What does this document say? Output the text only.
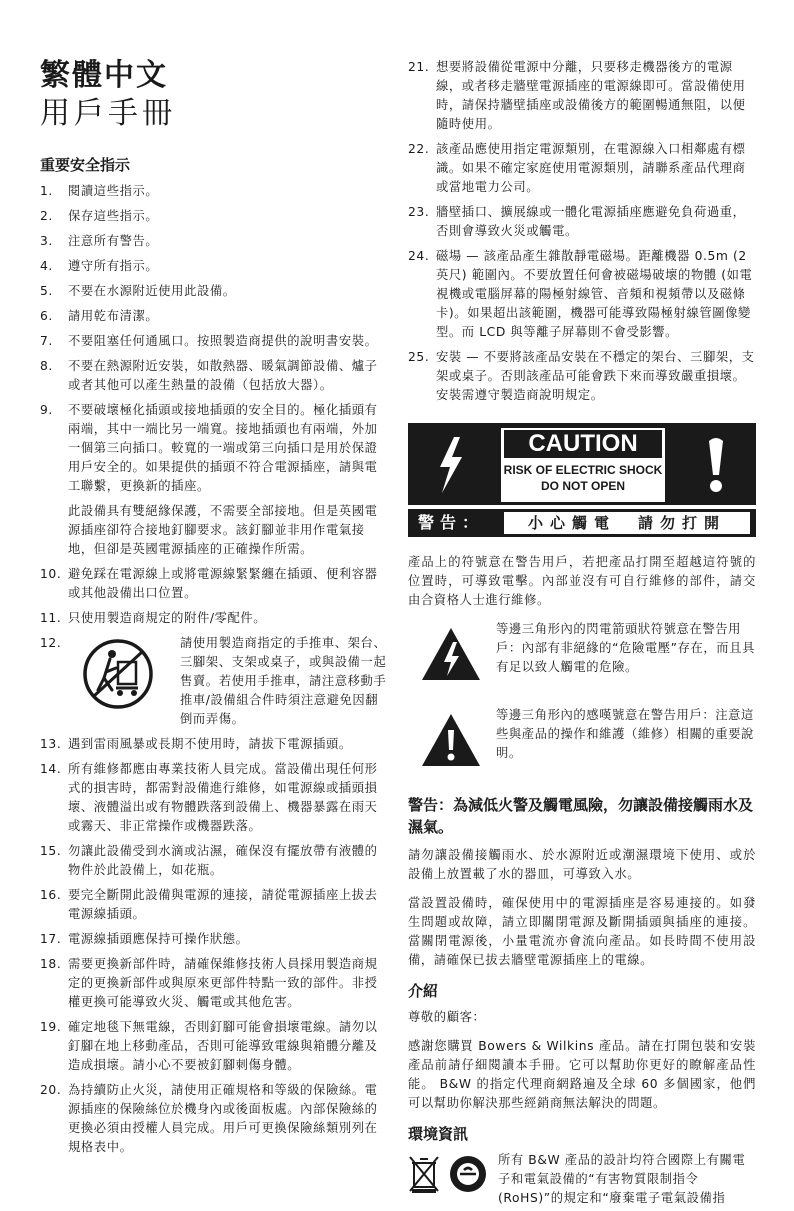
繁體中文
用戶手冊
重要安全指示
1. 閱讀這些指示。
2. 保存這些指示。
3. 注意所有警告。
4. 遵守所有指示。
5. 不要在水源附近使用此設備。
6. 請用乾布清潔。
7. 不要阻塞任何通風口。按照製造商提供的說明書安裝。
8. 不要在熱源附近安裝，如散熱器、暖氣調節設備、爐子或者其他可以產生熱量的設備（包括放大器）。
9. 不要破壞極化插頭或接地插頭的安全目的。極化插頭有兩端，其中一端比另一端寬。接地插頭也有兩端，外加一個第三向插口。較寬的一端或第三向插口是用於保證用戶安全的。如果提供的插頭不符合電源插座，請與電工聯繫，更換新的插座。
此設備具有雙絕緣保護，不需要全部接地。但是英國電源插座卻符合接地釘腳要求。該釘腳並非用作電氣接地，但卻是英國電源插座的正確操作所需。
10. 避免踩在電源線上或將電源線緊緊纏在插頭、便利容器或其他設備出口位置。
11. 只使用製造商規定的附件/零配件。
12.	請使用製造商指定的手推車、架台、三腳架、支架或桌子，或與設備一起售賣。若使用手推車，請注意移動手推車/設備組合件時須注意避免因翻倒而弄傷。
13. 遇到雷雨風暴或長期不使用時，請拔下電源插頭。
14. 所有維修都應由專業技術人員完成。當設備出現任何形式的損害時，都需對設備進行維修，如電源線或插頭損壞、液體溢出或有物體跌落到設備上、機器暴露在雨天或霧天、非正常操作或機器跌落。
15. 勿讓此設備受到水滴或沾濕，確保沒有擺放帶有液體的物件於此設備上，如花瓶。
16. 要完全斷開此設備與電源的連接，請從電源插座上拔去電源線插頭。
17. 電源線插頭應保持可操作狀態。
18. 需要更換新部件時，請確保維修技術人員採用製造商規定的更換新部件或與原來更部件特點一致的部件。非授權更換可能導致火災、觸電或其他危害。
19. 確定地毯下無電線，否則釘腳可能會損壞電線。請勿以釘腳在地上移動產品，否則可能導致電線與箱體分離及造成損壞。請小心不要被釘腳刺傷身體。
20. 為持續防止火災，請使用正確規格和等級的保險絲。電源插座的保險絲位於機身內或後面板處。內部保險絲的更換必須由授權人員完成。用戶可更換保險絲類別列在規格表中。
21. 想要將設備從電源中分離，只要移走機器後方的電源線，或者移走牆壁電源插座的電源線即可。當設備使用時，請保持牆壁插座或設備後方的範圍暢通無阻，以便隨時使用。
22. 該產品應使用指定電源類別，在電源線入口相鄰處有標識。如果不確定家庭使用電源類別，請聯系產品代理商或當地電力公司。
23. 牆壁插口、擴展線或一體化電源插座應避免負荷過重，否則會導致火災或觸電。
24. 磁場 — 該產品產生雜散靜電磁場。距離機器 0.5m (2 英尺) 範圍內。不要放置任何會被磁場破壞的物體 (如電視機或電腦屏幕的陽極射線管、音頻和視頻帶以及磁條卡)。如果超出該範圍，機器可能導致陽極射線管圖像變型。而 LCD 與等離子屏幕則不會受影響。
25. 安裝 — 不要將該產品安裝在不穩定的架台、三腳架，支架或桌子。否則該產品可能會跌下來而導致嚴重損壞。安裝需遵守製造商說明規定。
CAUTION
RISK OF ELECTRIC SHOCK
DO NOT OPEN
警告：	小心觸電　請勿打開

產品上的符號意在警告用戶，若把產品打開至超越這符號的位置時，可導致電擊。內部並沒有可自行維修的部件，請交由合資格人士進行維修。

等邊三角形內的閃電箭頭狀符號意在警告用戶：內部有非絕緣的“危險電壓”存在，而且具有足以致人觸電的危險。
等邊三角形內的感嘆號意在警告用戶：注意這些與產品的操作和維護（維修）相關的重要說明。
警告：為減低火警及觸電風險，勿讓設備接觸雨水及濕氣。

請勿讓設備接觸雨水、於水源附近或潮濕環境下使用、或於設備上放置載了水的器皿，可導致入水。

當設置設備時，確保使用中的電源插座是容易連接的。如發生問題或故障，請立即關閉電源及斷開插頭與插座的連接。當關閉電源後，小量電流亦會流向產品。如長時間不使用設備，請確保已拔去牆壁電源插座上的電線。

介紹

尊敬的顧客：

感謝您購買 Bowers & Wilkins 產品。請在打開包裝和安裝產品前請仔細閱讀本手冊。它可以幫助你更好的瞭解產品性能。 B&W 的指定代理商網路遍及全球 60 多個國家，他們可以幫助你解決那些經銷商無法解決的問題。

環境資訊
所有 B&W 產品的設計均符合國際上有關電子和電氣設備的“有害物質限制指令(RoHS)”的規定和“廢棄電子電氣設備指
